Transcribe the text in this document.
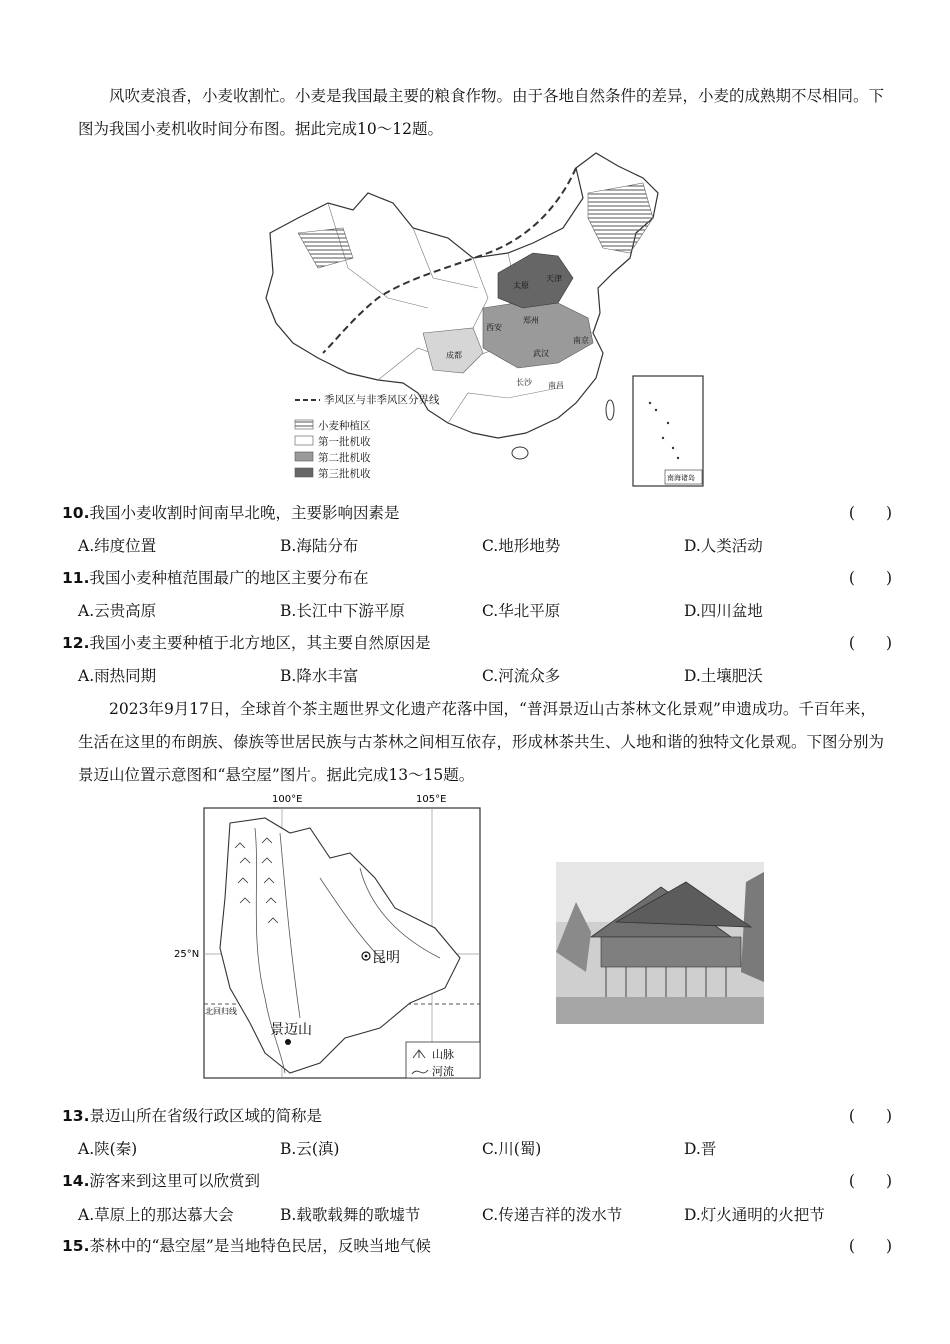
风吹麦浪香，小麦收割忙。小麦是我国最主要的粮食作物。由于各地自然条件的差异，小麦的成熟期不尽相同。下图为我国小麦机收时间分布图。据此完成10～12题。
天津
太原
西安
郑州
成都	武汉
长沙 南昌
南京
南海诸岛
季风区与非季风区分界线
小麦种植区
第一批机收
第二批机收
第三批机收
10.我国小麦收割时间南早北晚，主要影响因素是	(　　)
A.纬度位置	B.海陆分布	C.地形地势	D.人类活动
11.我国小麦种植范围最广的地区主要分布在	(　　)
A.云贵高原	B.长江中下游平原	C.华北平原	D.四川盆地
12.我国小麦主要种植于北方地区，其主要自然原因是	(　　)
A.雨热同期	B.降水丰富	C.河流众多	D.土壤肥沃
2023年9月17日，全球首个茶主题世界文化遗产花落中国，“普洱景迈山古茶林文化景观”申遗成功。千百年来，生活在这里的布朗族、傣族等世居民族与古茶林之间相互依存，形成林茶共生、人地和谐的独特文化景观。下图分别为景迈山位置示意图和“悬空屋”图片。据此完成13～15题。
100°E	105°E
25°N
北回归线
昆明
景迈山
山脉
河流
13.景迈山所在省级行政区域的简称是	(　　)
A.陕(秦)	B.云(滇)	C.川(蜀)	D.晋
14.游客来到这里可以欣赏到	(　　)
A.草原上的那达慕大会	B.载歌载舞的歌墟节	C.传递吉祥的泼水节	D.灯火通明的火把节
15.茶林中的“悬空屋”是当地特色民居，反映当地气候	(　　)
